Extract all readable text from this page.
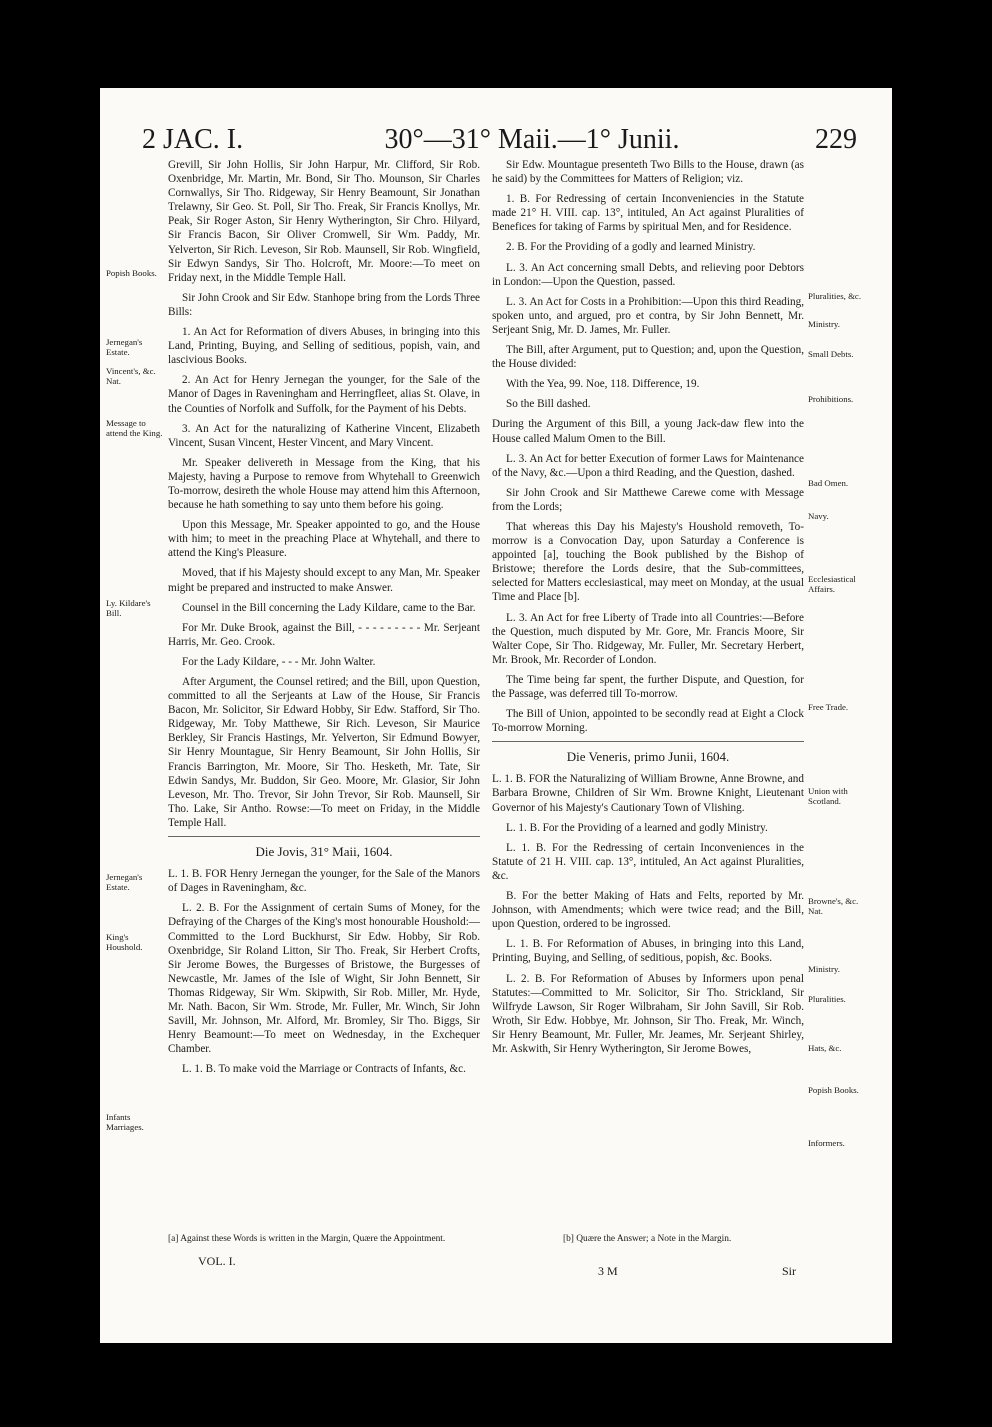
2 JAC. I.	30°—31° Maii.—1° Junii.	229

Grevill, Sir John Hollis, Sir John Harpur, Mr. Clifford, Sir Rob. Oxenbridge, Mr. Martin, Mr. Bond, Sir Tho. Mounson, Sir Charles Cornwallys, Sir Tho. Ridgeway, Sir Henry Beamount, Sir Jonathan Trelawny, Sir Geo. St. Poll, Sir Tho. Freak, Sir Francis Knollys, Mr. Peak, Sir Roger Aston, Sir Henry Wytherington, Sir Chro. Hilyard, Sir Francis Bacon, Sir Oliver Cromwell, Sir Wm. Paddy, Mr. Yelverton, Sir Rich. Leveson, Sir Rob. Maunsell, Sir Rob. Wingfield, Sir Edwyn Sandys, Sir Tho. Holcroft, Mr. Moore:—To meet on Friday next, in the Middle Temple Hall.

Sir John Crook and Sir Edw. Stanhope bring from the Lords Three Bills:

1. An Act for Reformation of divers Abuses, in bringing into this Land, Printing, Buying, and Selling of seditious, popish, vain, and lascivious Books.

2. An Act for Henry Jernegan the younger, for the Sale of the Manor of Dages in Raveningham and Herringfleet, alias St. Olave, in the Counties of Norfolk and Suffolk, for the Payment of his Debts.

3. An Act for the naturalizing of Katherine Vincent, Elizabeth Vincent, Susan Vincent, Hester Vincent, and Mary Vincent.

Mr. Speaker delivereth in Message from the King, that his Majesty, having a Purpose to remove from Whytehall to Greenwich To-morrow, desireth the whole House may attend him this Afternoon, because he hath something to say unto them before his going.

Upon this Message, Mr. Speaker appointed to go, and the House with him; to meet in the preaching Place at Whytehall, and there to attend the King's Pleasure.

Moved, that if his Majesty should except to any Man, Mr. Speaker might be prepared and instructed to make Answer.

Counsel in the Bill concerning the Lady Kildare, came to the Bar.

For Mr. Duke Brook, against the Bill, - - - - - - - - - Mr. Serjeant Harris, Mr. Geo. Crook.

For the Lady Kildare, - - - Mr. John Walter.

After Argument, the Counsel retired; and the Bill, upon Question, committed to all the Serjeants at Law of the House, Sir Francis Bacon, Mr. Solicitor, Sir Edward Hobby, Sir Edw. Stafford, Sir Tho. Ridgeway, Mr. Toby Matthewe, Sir Rich. Leveson, Sir Maurice Berkley, Sir Francis Hastings, Mr. Yelverton, Sir Edmund Bowyer, Sir Henry Mountague, Sir Henry Beamount, Sir John Hollis, Sir Francis Barrington, Mr. Moore, Sir Tho. Hesketh, Mr. Tate, Sir Edwin Sandys, Mr. Buddon, Sir Geo. Moore, Mr. Glasior, Sir John Leveson, Mr. Tho. Trevor, Sir John Trevor, Sir Rob. Maunsell, Sir Tho. Lake, Sir Antho. Rowse:—To meet on Friday, in the Middle Temple Hall.

Die Jovis, 31° Maii, 1604.

L. 1. B. FOR Henry Jernegan the younger, for the Sale of the Manors of Dages in Raveningham, &c.

L. 2. B. For the Assignment of certain Sums of Money, for the Defraying of the Charges of the King's most honourable Houshold:—Committed to the Lord Buckhurst, Sir Edw. Hobby, Sir Rob. Oxenbridge, Sir Roland Litton, Sir Tho. Freak, Sir Herbert Crofts, Sir Jerome Bowes, the Burgesses of Bristowe, the Burgesses of Newcastle, Mr. James of the Isle of Wight, Sir John Bennett, Sir Thomas Ridgeway, Sir Wm. Skipwith, Sir Rob. Miller, Mr. Hyde, Mr. Nath. Bacon, Sir Wm. Strode, Mr. Fuller, Mr. Winch, Sir John Savill, Mr. Johnson, Mr. Alford, Mr. Bromley, Sir Tho. Biggs, Sir Henry Beamount:—To meet on Wednesday, in the Exchequer Chamber.

L. 1. B. To make void the Marriage or Contracts of Infants, &c.

Sir Edw. Mountague presenteth Two Bills to the House, drawn (as he said) by the Committees for Matters of Religion; viz.

1. B. For Redressing of certain Inconveniencies in the Statute made 21° H. VIII. cap. 13°, intituled, An Act against Pluralities of Benefices for taking of Farms by spiritual Men, and for Residence.

2. B. For the Providing of a godly and learned Ministry.

L. 3. An Act concerning small Debts, and relieving poor Debtors in London:—Upon the Question, passed.

L. 3. An Act for Costs in a Prohibition:—Upon this third Reading, spoken unto, and argued, pro et contra, by Sir John Bennett, Mr. Serjeant Snig, Mr. D. James, Mr. Fuller.

The Bill, after Argument, put to Question; and, upon the Question, the House divided:

With the Yea, 99. Noe, 118. Difference, 19.

So the Bill dashed.

During the Argument of this Bill, a young Jack-daw flew into the House called Malum Omen to the Bill.

L. 3. An Act for better Execution of former Laws for Maintenance of the Navy, &c.—Upon a third Reading, and the Question, dashed.

Sir John Crook and Sir Matthewe Carewe come with Message from the Lords;

That whereas this Day his Majesty's Houshold removeth, To-morrow is a Convocation Day, upon Saturday a Conference is appointed [a], touching the Book published by the Bishop of Bristowe; therefore the Lords desire, that the Sub-committees, selected for Matters ecclesiastical, may meet on Monday, at the usual Time and Place [b].

L. 3. An Act for free Liberty of Trade into all Countries:—Before the Question, much disputed by Mr. Gore, Mr. Francis Moore, Sir Walter Cope, Sir Tho. Ridgeway, Mr. Fuller, Mr. Secretary Herbert, Mr. Brook, Mr. Recorder of London.

The Time being far spent, the further Dispute, and Question, for the Passage, was deferred till To-morrow.

The Bill of Union, appointed to be secondly read at Eight a Clock To-morrow Morning.

Die Veneris, primo Junii, 1604.

L. 1. B. FOR the Naturalizing of William Browne, Anne Browne, and Barbara Browne, Children of Sir Wm. Browne Knight, Lieutenant Governor of his Majesty's Cautionary Town of Vlishing.

L. 1. B. For the Providing of a learned and godly Ministry.

L. 1. B. For the Redressing of certain Inconveniences in the Statute of 21 H. VIII. cap. 13°, intituled, An Act against Pluralities, &c.

B. For the better Making of Hats and Felts, reported by Mr. Johnson, with Amendments; which were twice read; and the Bill, upon Question, ordered to be ingrossed.

L. 1. B. For Reformation of Abuses, in bringing into this Land, Printing, Buying, and Selling, of seditious, popish, &c. Books.

L. 2. B. For Reformation of Abuses by Informers upon penal Statutes:—Committed to Mr. Solicitor, Sir Tho. Strickland, Sir Wilfryde Lawson, Sir Roger Wilbraham, Sir John Savill, Sir Rob. Wroth, Sir Edw. Hobbye, Mr. Johnson, Sir Tho. Freak, Mr. Winch, Sir Henry Beamount, Mr. Fuller, Mr. Jeames, Mr. Serjeant Shirley, Mr. Askwith, Sir Henry Wytherington, Sir Jerome Bowes,

Popish Books.
Jernegan's Estate.
Vincent's, &c. Nat.
Message to attend the King.
Ly. Kildare's Bill.
Jernegan's Estate.
King's Houshold.
Infants Marriages.
Pluralities, &c.
Ministry.
Small Debts.
Prohibitions.
Bad Omen.
Navy.
Ecclesiastical Affairs.
Free Trade.
Union with Scotland.
Browne's, &c. Nat.
Ministry.
Pluralities.
Hats, &c.
Popish Books.
Informers.
[a] Against these Words is written in the Margin, Quære the Appointment.	[b] Quære the Answer; a Note in the Margin.
VOL. I.
3 M	Sir
